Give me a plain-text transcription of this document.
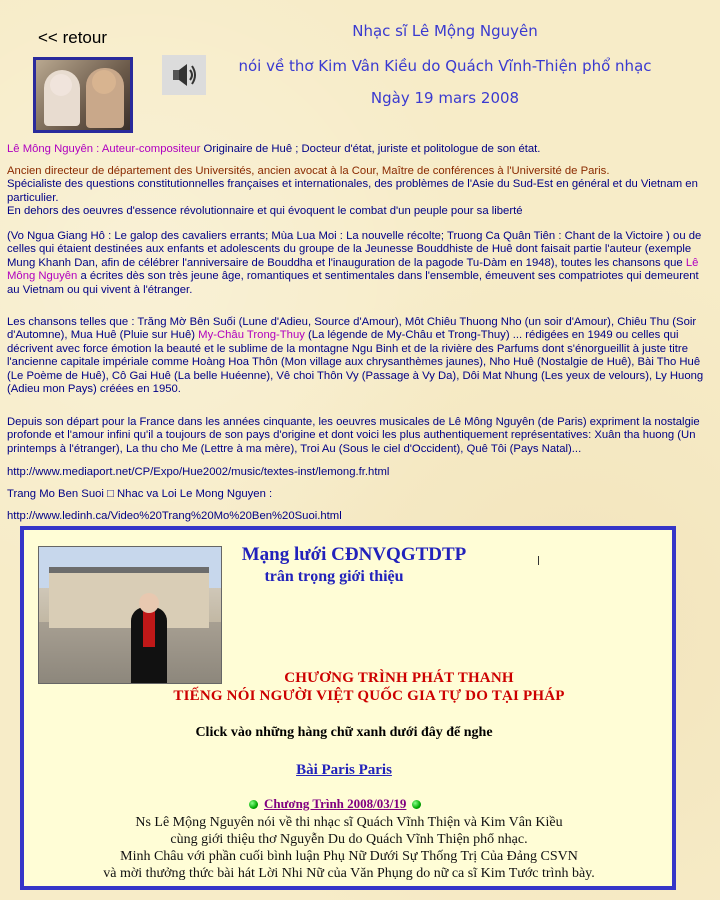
<< retour	Nhạc sĩ Lê Mộng Nguyên
nói về thơ Kim Vân Kiều do Quách Vĩnh-Thiện phổ nhạc
Ngày 19 mars 2008
Lê Mông Nguyên : Auteur-compositeur Originaire de Huê ; Docteur d'état, juriste et politologue de son état.
Ancien directeur de département des Universités, ancien avocat à la Cour, Maître de conférences à l'Université de Paris.
Spécialiste des questions constitutionnelles françaises et internationales, des problèmes de l'Asie du Sud-Est en général et du Vietnam en particulier.
En dehors des oeuvres d'essence révolutionnaire et qui évoquent le combat d'un peuple pour sa liberté
(Vo Ngua Giang Hô : Le galop des cavaliers errants; Mùa Lua Moi : La nouvelle récolte; Truong Ca Quân Tiên : Chant de la Victoire ) ou de celles qui étaient destinées aux enfants et adolescents du groupe de la Jeunesse Bouddhiste de Huê dont faisait partie l'auteur (exemple Mung Khanh Dan, afin de célébrer l'anniversaire de Bouddha et l'inauguration de la pagode Tu-Dàm en 1948), toutes les chansons que Lê Mông Nguyên a écrites dès son très jeune âge, romantiques et sentimentales dans l'ensemble, émeuvent ses compatriotes qui demeurent au Vietnam ou qui vivent à l'étranger.
Les chansons telles que : Trăng Mờ Bên Suối (Lune d'Adieu, Source d'Amour), Môt Chiêu Thuong Nho (un soir d'Amour), Chiêu Thu (Soir d'Automne), Mua Huê (Pluie sur Huê) My-Châu Trong-Thuy (La légende de My-Châu et Trong-Thuy) ... rédigées en 1949 ou celles qui décrivent avec force émotion la beauté et le sublime de la montagne Ngu Binh et de la rivière des Parfums dont s'énorgueillit à juste titre l'ancienne capitale impériale comme Hoàng Hoa Thôn (Mon village aux chrysanthèmes jaunes), Nho Huê (Nostalgie de Huê), Bài Tho Huê (Le Poème de Huê), Cô Gai Huê (La belle Huéenne), Vê choi Thôn Vy (Passage à Vy Da), Dôi Mat Nhung (Les yeux de velours), Ly Huong (Adieu mon Pays) créées en 1950.
Depuis son départ pour la France dans les années cinquante, les oeuvres musicales de Lê Mông Nguyên (de Paris) expriment la nostalgie profonde et l'amour infini qu'il a toujours de son pays d'origine et dont voici les plus authentiquement représentatives: Xuân tha huong (Un printemps à l'étranger), La thu cho Me (Lettre à ma mère), Troi Au (Sous le ciel d'Occident), Quê Tôi (Pays Natal)...
http://www.mediaport.net/CP/Expo/Hue2002/music/textes-inst/lemong.fr.html
Trang Mo Ben Suoi □ Nhac va Loi Le Mong Nguyen :
http://www.ledinh.ca/Video%20Trang%20Mo%20Ben%20Suoi.html
Mạng lưới CĐNVQGTDTP
trân trọng giới thiệu
CHƯƠNG TRÌNH PHÁT THANH
TIẾNG NÓI NGƯỜI VIỆT QUỐC GIA TỰ DO TẠI PHÁP
Click vào những hàng chữ xanh dưới đây để nghe
Bài Paris Paris
Chương Trình 2008/03/19
Ns Lê Mộng Nguyên nói về thi nhạc sĩ Quách Vĩnh Thiện và Kim Vân Kiều
cùng giới thiệu thơ Nguyễn Du do Quách Vĩnh Thiện phổ nhạc.
Minh Châu với phần cuối bình luận Phụ Nữ Dưới Sự Thống Trị Của Đảng CSVN
và mời thưởng thức bài hát Lời Nhi Nữ của Văn Phụng do nữ ca sĩ Kim Tước trình bày.
